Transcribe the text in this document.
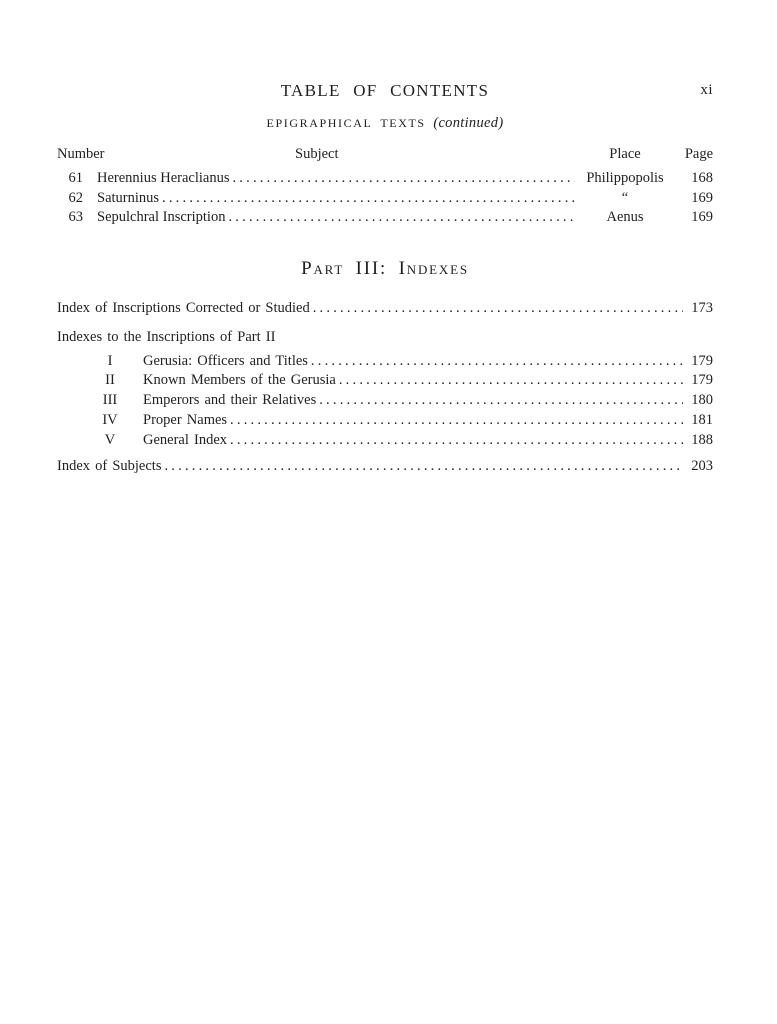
TABLE OF CONTENTS	xi
EPIGRAPHICAL TEXTS (continued)
Number	Subject	Place	Page
61 Herennius Heraclianus .....	Philippopolis	168
62 Saturninus .....	“	169
63 Sepulchral Inscription .....	Aenus	169
Part III: Indexes
Index of Inscriptions Corrected or Studied .....	173
Indexes to the Inscriptions of Part II
I	Gerusia: Officers and Titles .....	179
II	Known Members of the Gerusia .....	179
III	Emperors and their Relatives .....	180
IV Proper Names .....	181
V	General Index .....	188
Index of Subjects .....	203
